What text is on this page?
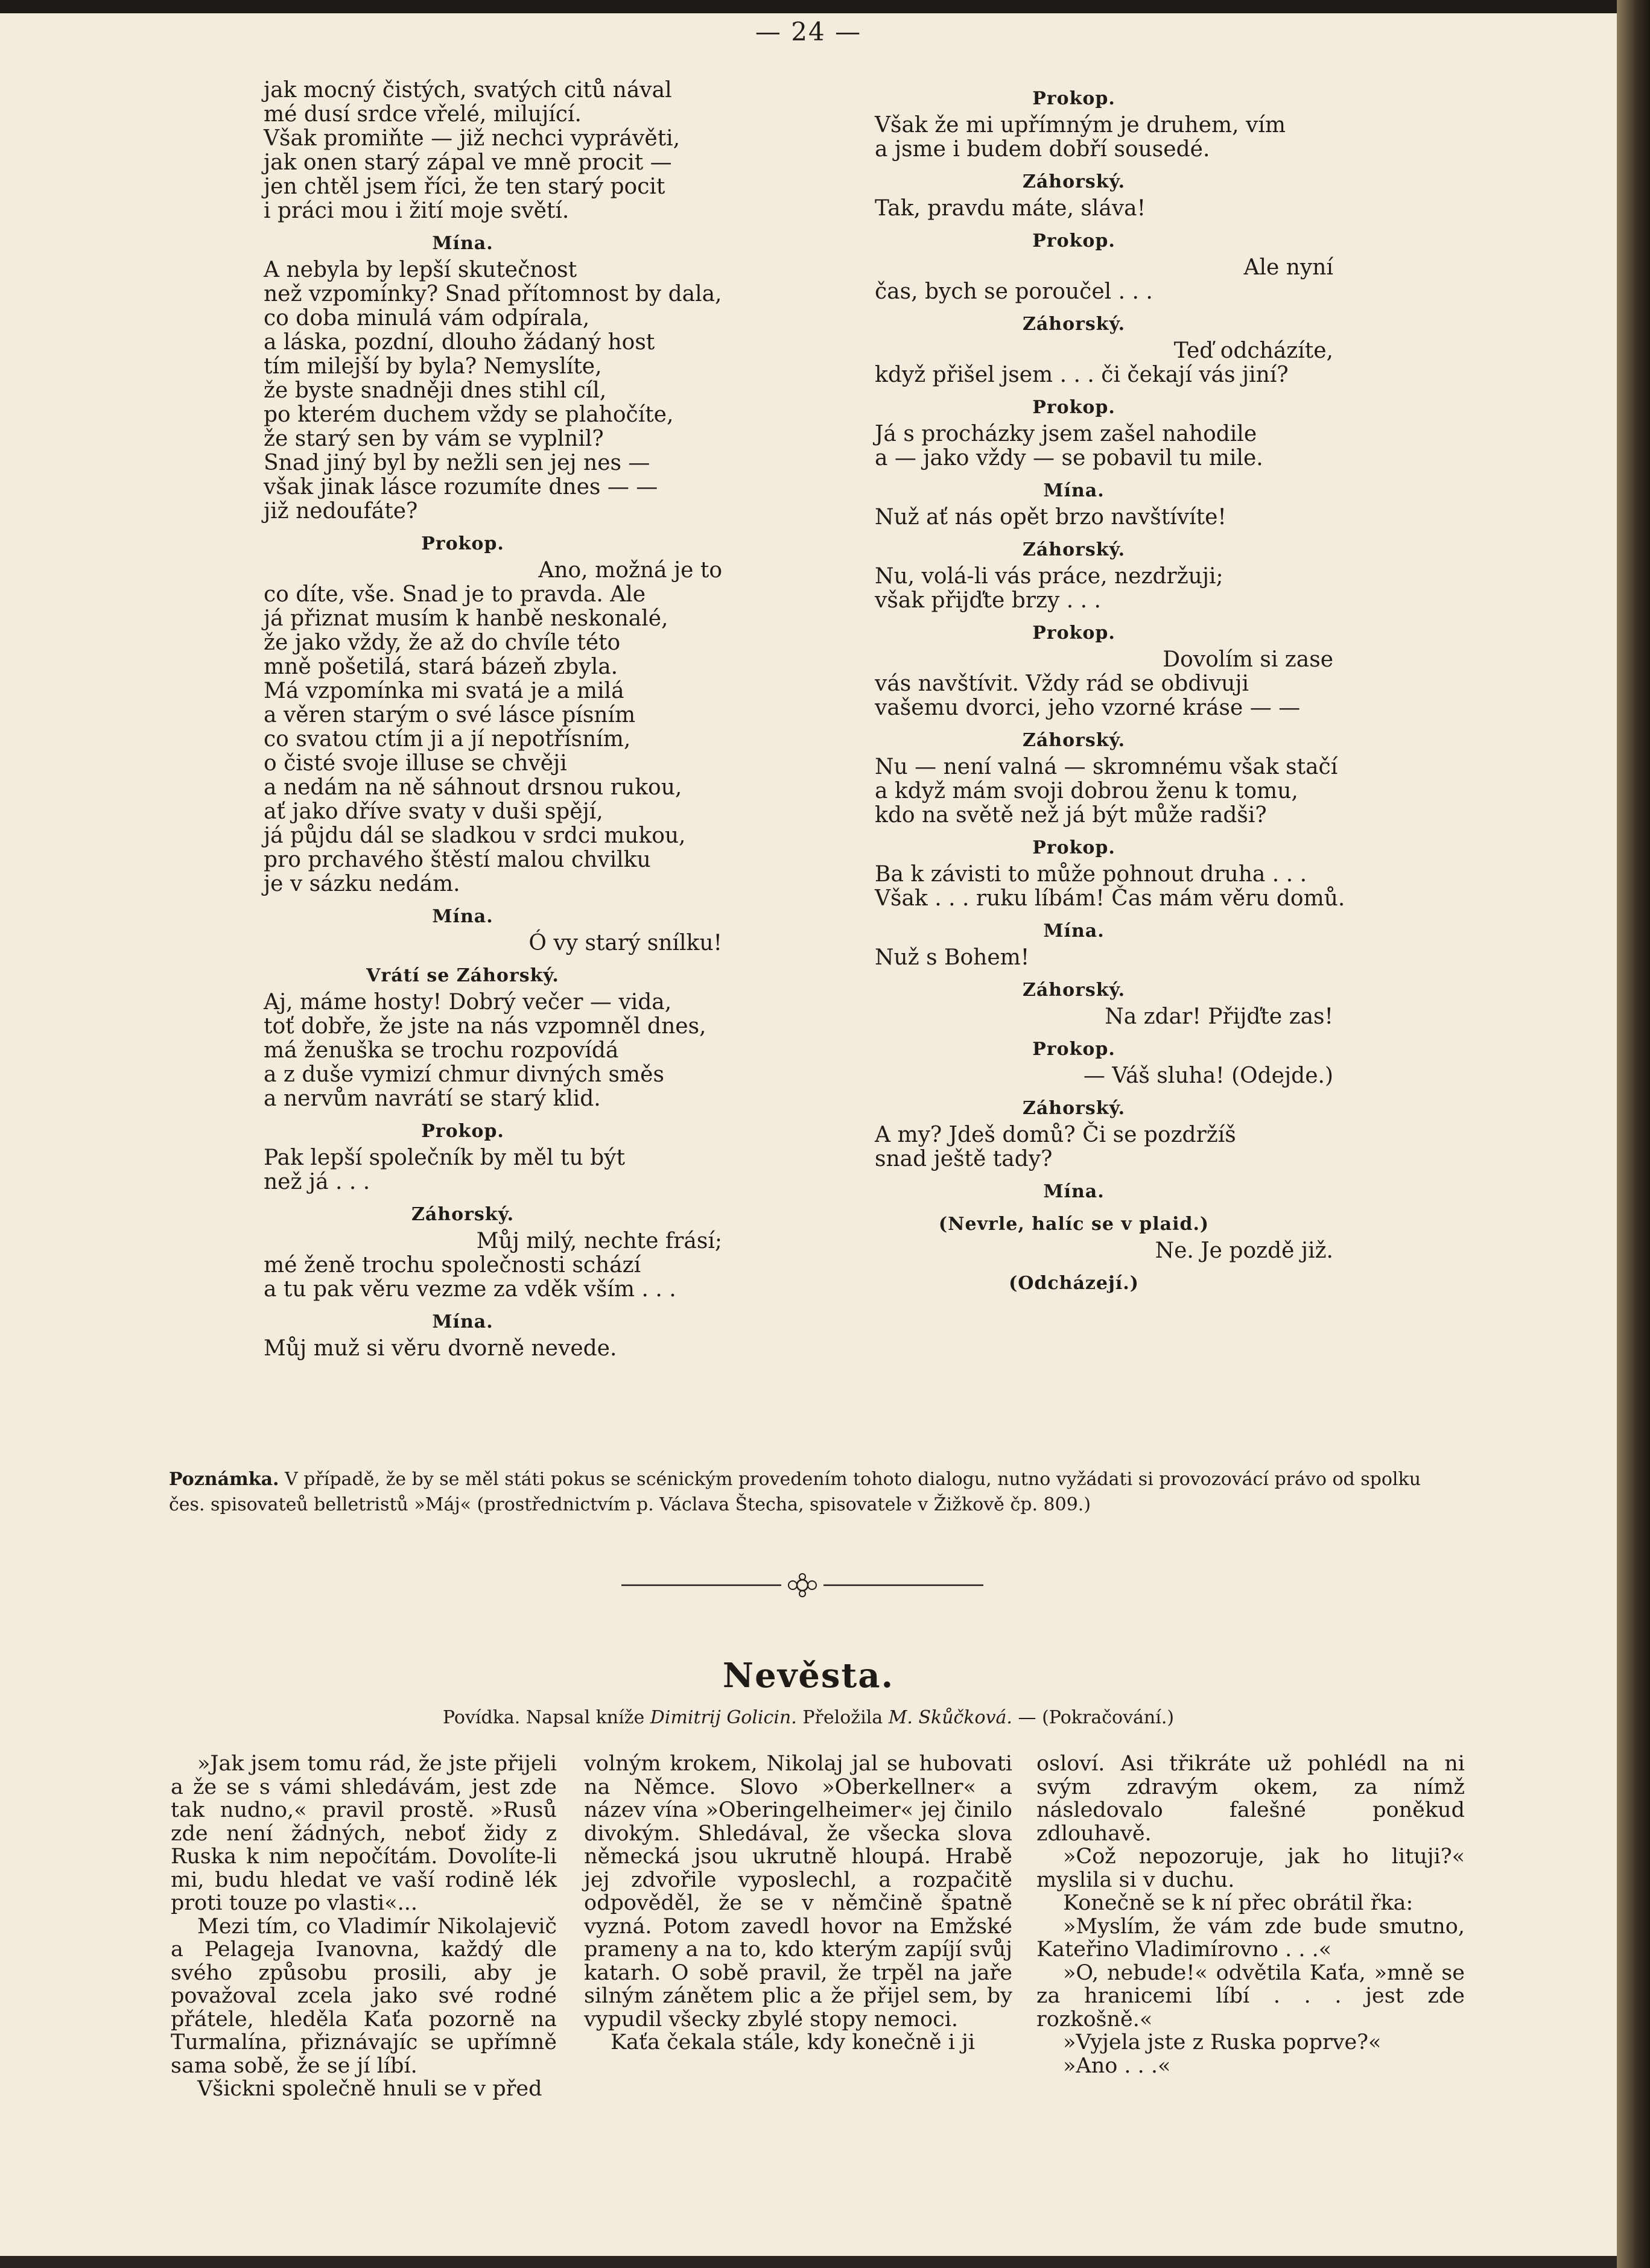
— 24 —
jak mocný čistých, svatých citů nával
mé dusí srdce vřelé, milující.
Však promiňte — již nechci vyprávěti,
jak onen starý zápal ve mně procit —
jen chtěl jsem říci, že ten starý pocit
i práci mou i žití moje světí.
Mína.
A nebyla by lepší skutečnost
než vzpomínky? Snad přítomnost by dala,
co doba minulá vám odpírala,
a láska, pozdní, dlouho žádaný host
tím milejší by byla? Nemyslíte,
že byste snadněji dnes stihl cíl,
po kterém duchem vždy se plahočíte,
že starý sen by vám se vyplnil?
Snad jiný byl by nežli sen jej nes —
však jinak lásce rozumíte dnes — —
již nedoufáte?
Prokop.
Ano, možná je to
co díte, vše. Snad je to pravda. Ale
já přiznat musím k hanbě neskonalé,
že jako vždy, že až do chvíle této
mně pošetilá, stará bázeň zbyla.
Má vzpomínka mi svatá je a milá
a věren starým o své lásce písním
co svatou ctím ji a jí nepotřísním,
o čisté svoje illuse se chvěji
a nedám na ně sáhnout drsnou rukou,
ať jako dříve svaty v duši spějí,
já půjdu dál se sladkou v srdci mukou,
pro prchavého štěstí malou chvilku
je v sázku nedám.
Mína.
Ó vy starý snílku!
Vrátí se Záhorský.
Aj, máme hosty! Dobrý večer — vida,
toť dobře, že jste na nás vzpomněl dnes,
má ženuška se trochu rozpovídá
a z duše vymizí chmur divných směs
a nervům navrátí se starý klid.
Prokop.
Pak lepší společník by měl tu být
než já . . .
Záhorský.
Můj milý, nechte frásí;
mé ženě trochu společnosti schází
a tu pak věru vezme za vděk vším . . .
Mína.
Můj muž si věru dvorně nevede.
Prokop.
Však že mi upřímným je druhem, vím
a jsme i budem dobří sousedé.
Záhorský.
Tak, pravdu máte, sláva!
Prokop.
Ale nyní
čas, bych se poroučel . . .
Záhorský.
Teď odcházíte,
když přišel jsem . . . či čekají vás jiní?
Prokop.
Já s procházky jsem zašel nahodile
a — jako vždy — se pobavil tu mile.
Mína.
Nuž ať nás opět brzo navštívíte!
Záhorský.
Nu, volá-li vás práce, nezdržuji;
však přijďte brzy . . .
Prokop.
Dovolím si zase
vás navštívit. Vždy rád se obdivuji
vašemu dvorci, jeho vzorné kráse — —
Záhorský.
Nu — není valná — skromnému však stačí
a když mám svoji dobrou ženu k tomu,
kdo na světě než já být může radši?
Prokop.
Ba k závisti to může pohnout druha . . .
Však . . . ruku líbám! Čas mám věru domů.
Mína.
Nuž s Bohem!
Záhorský.
Na zdar! Přijďte zas!
Prokop.
— Váš sluha! (Odejde.)
Záhorský.
A my? Jdeš domů? Či se pozdržíš
snad ještě tady?
Mína.
(Nevrle, halíc se v plaid.)
Ne. Je pozdě již.
(Odcházejí.)
Poznámka. V případě, že by se měl státi pokus se scénickým provedením tohoto dialogu, nutno vyžádati si provozovácí právo od spolku čes. spisovateů belletristů »Máj« (prostřednictvím p. Václava Štecha, spisovatele v Žižkově čp. 809.)
Nevěsta.
Povídka. Napsal kníže Dimitrij Golicin. Přeložila M. Skůčková. — (Pokračování.)

»Jak jsem tomu rád, že jste přijeli a že se s vámi shledávám, jest zde tak nudno,« pravil prostě. »Rusů zde není žádných, neboť židy z Ruska k nim nepočítám. Dovolíte-li mi, budu hledat ve vaší rodině lék proti touze po vlasti«...

Mezi tím, co Vladimír Nikolajevič a Pelageja Ivanovna, každý dle svého způsobu prosili, aby je považoval zcela jako své rodné přátele, hleděla Kaťa pozorně na Turmalína, přiznávajíc se upřímně sama sobě, že se jí líbí.

Všickni společně hnuli se v před

volným krokem, Nikolaj jal se hubovati na Němce. Slovo »Oberkellner« a název vína »Oberingelheimer« jej činilo divokým. Shledával, že všecka slova německá jsou ukrutně hloupá. Hrabě jej zdvořile vyposlechl, a rozpačitě odpověděl, že se v němčině špatně vyzná. Potom zavedl hovor na Emžské prameny a na to, kdo kterým zapíjí svůj katarh. O sobě pravil, že trpěl na jaře silným zánětem plic a že přijel sem, by vypudil všecky zbylé stopy nemoci.

Kaťa čekala stále, kdy konečně i ji

osloví. Asi třikráte už pohlédl na ni svým zdravým okem, za nímž následovalo falešné poněkud zdlouhavě.

»Což nepozoruje, jak ho lituji?« myslila si v duchu.

Konečně se k ní přec obrátil řka:

»Myslím, že vám zde bude smutno, Kateřino Vladimírovno . . .«

»O, nebude!« odvětila Kaťa, »mně se za hranicemi líbí . . . jest zde rozkošně.«

»Vyjela jste z Ruska poprve?«

»Ano . . .«
